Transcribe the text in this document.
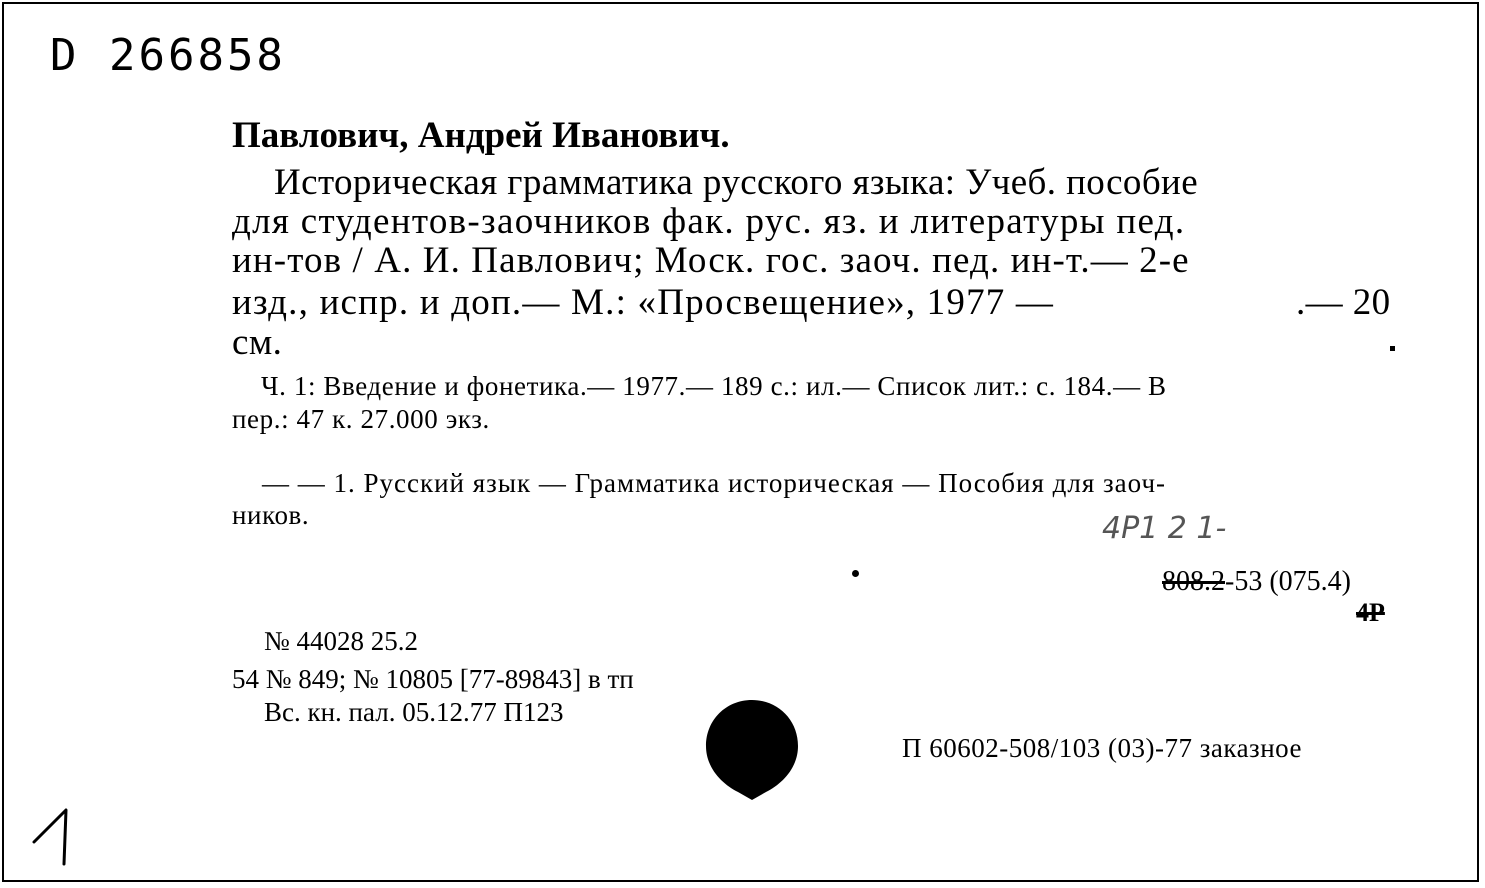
D 266858
Павлович, Андрей Иванович.
Историческая грамматика русского языка: Учеб. пособие
для студентов-заочников фак. рус. яз. и литературы пед.
ин-тов / А. И. Павлович; Моск. гос. заоч. пед. ин-т.— 2-е
изд., испр. и доп.— М.: «Просвещение», 1977 —	.— 20
см.
Ч. 1: Введение и фонетика.— 1977.— 189 с.: ил.— Список лит.: с. 184.— В
пер.: 47 к. 27.000 экз.
— — 1. Русский язык — Грамматика историческая — Пособия для заоч-
ников.	4Р1 2 1-
808.2-53 (075.4)
4Р
№ 44028 25.2
54 № 849; № 10805 [77-89843] в тп
Вс. кн. пал. 05.12.77 П123
П 60602-508/103 (03)-77 заказное
